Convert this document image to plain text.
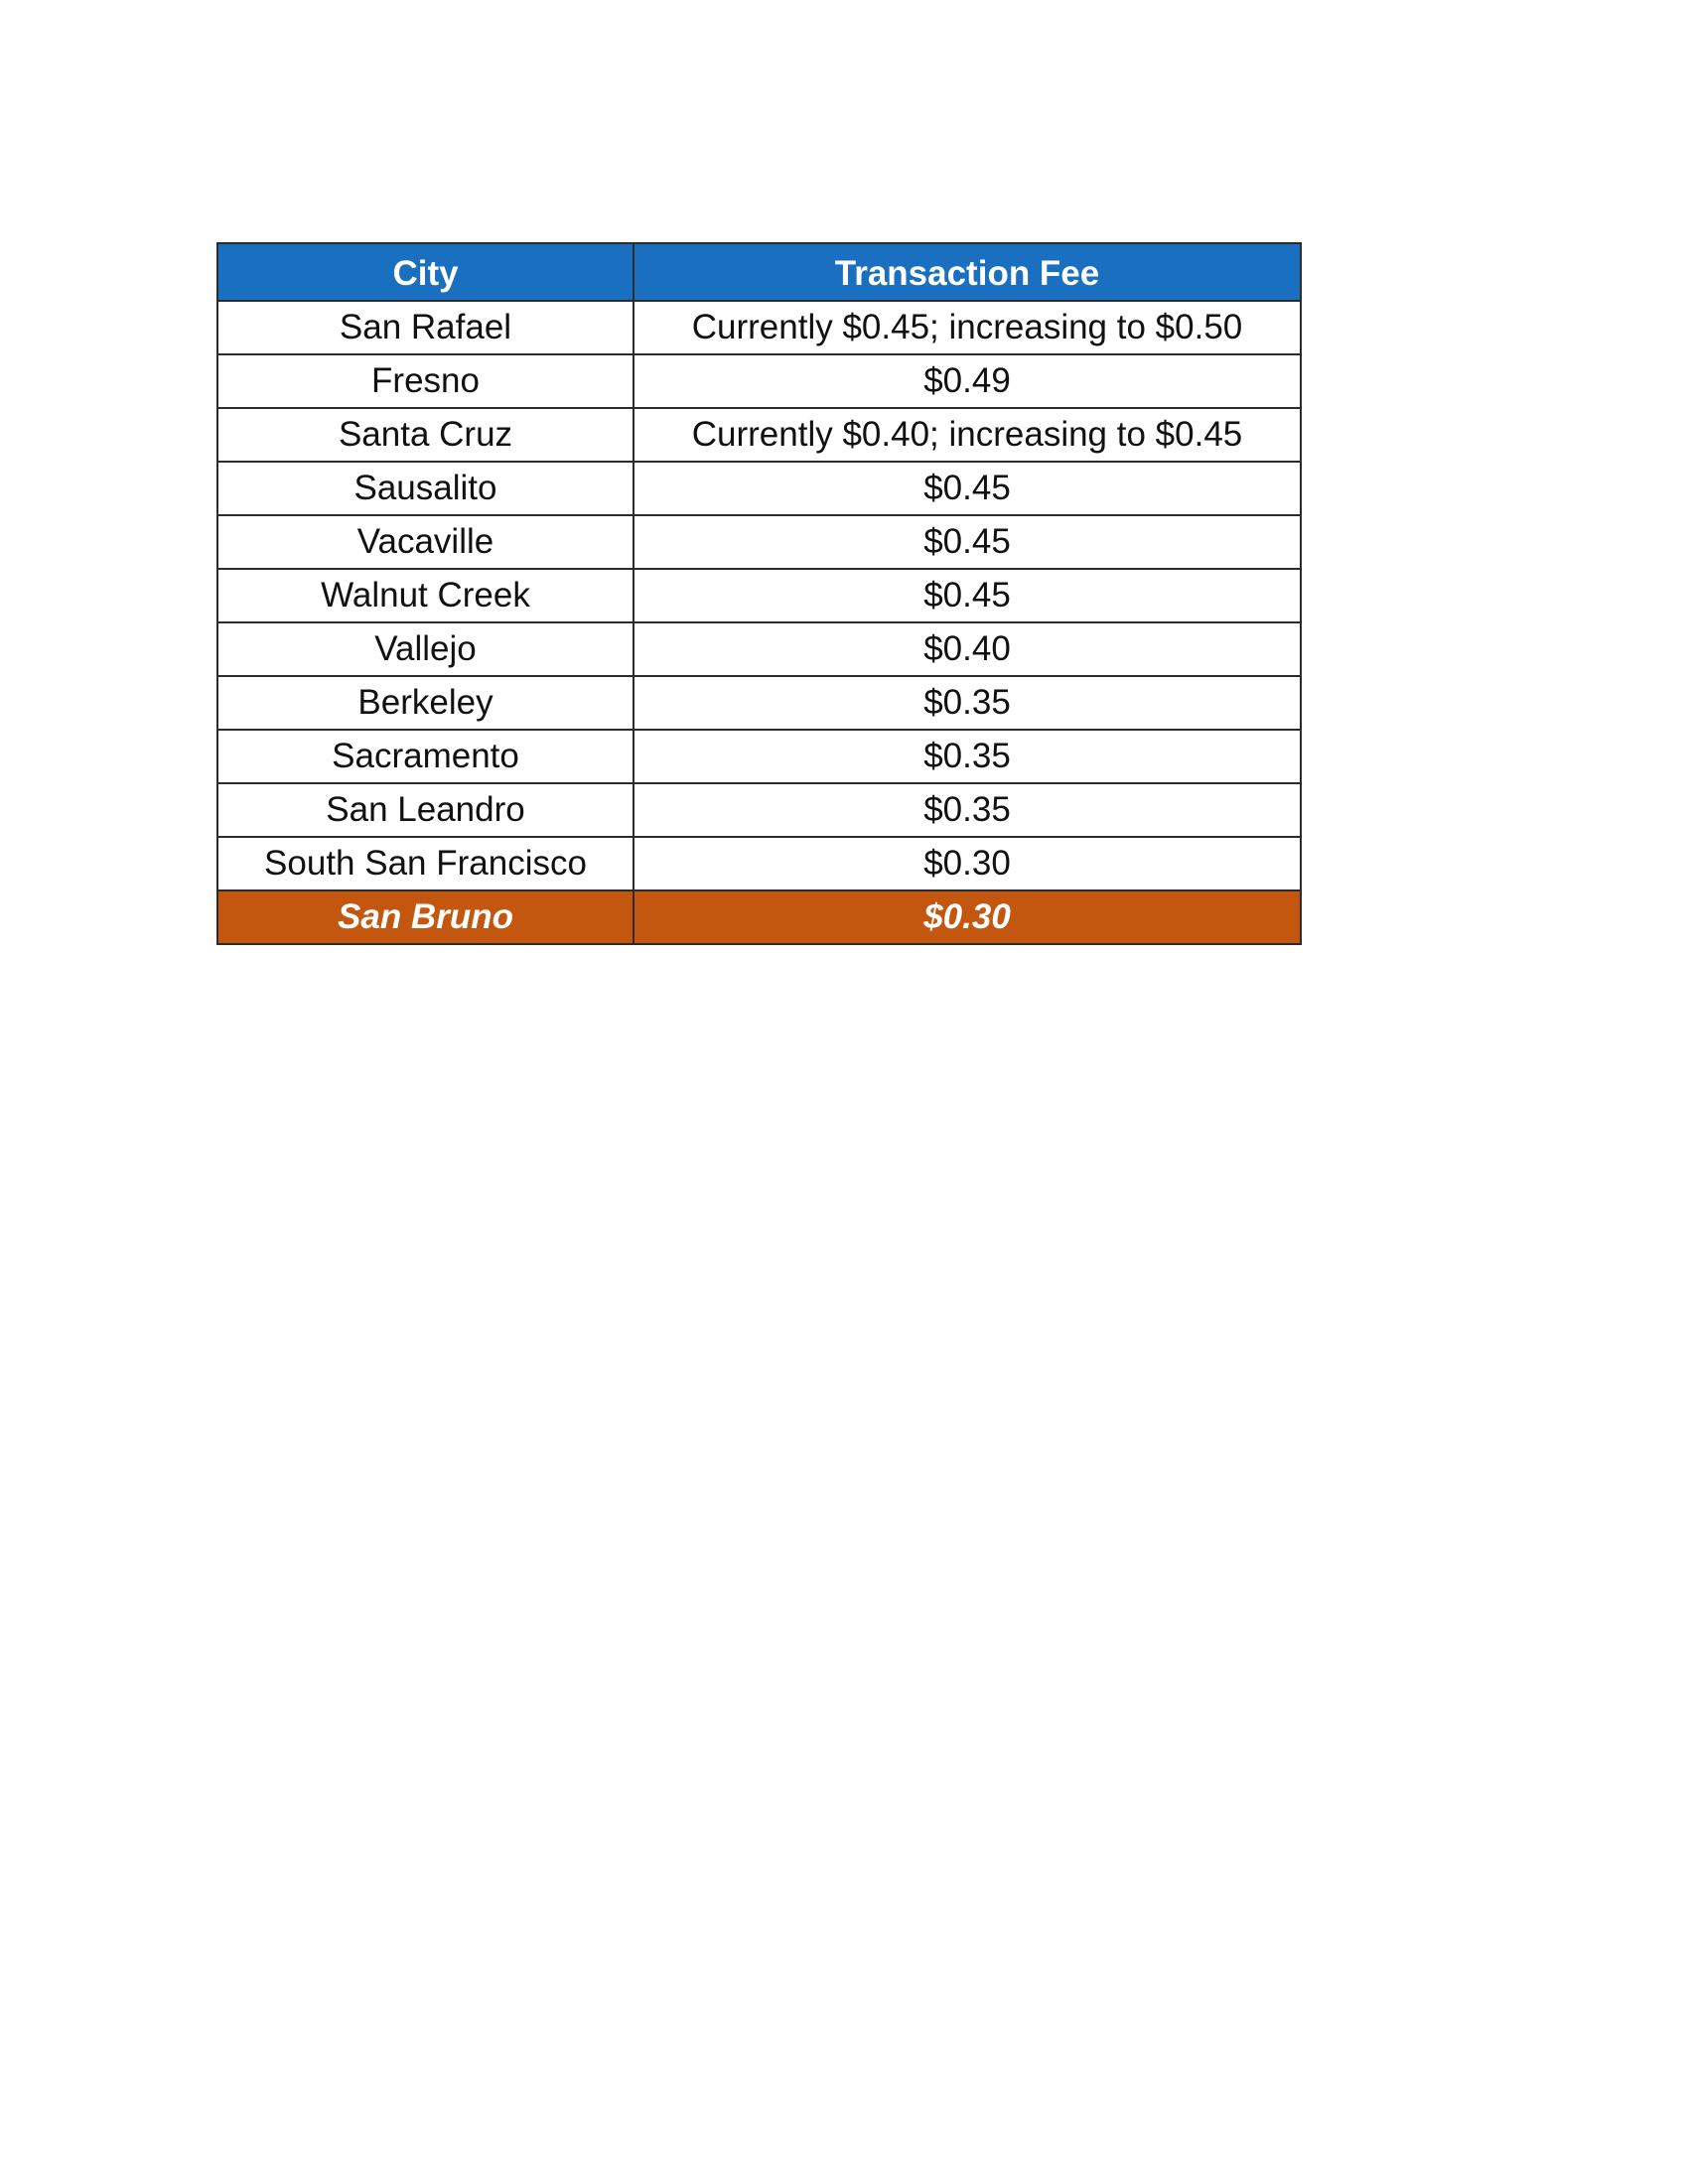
City	Transaction Fee
San Rafael	Currently $0.45; increasing to $0.50
Fresno	$0.49
Santa Cruz	Currently $0.40; increasing to $0.45
Sausalito	$0.45
Vacaville	$0.45
Walnut Creek	$0.45
Vallejo	$0.40
Berkeley	$0.35
Sacramento	$0.35
San Leandro	$0.35
South San Francisco	$0.30
San Bruno	$0.30
